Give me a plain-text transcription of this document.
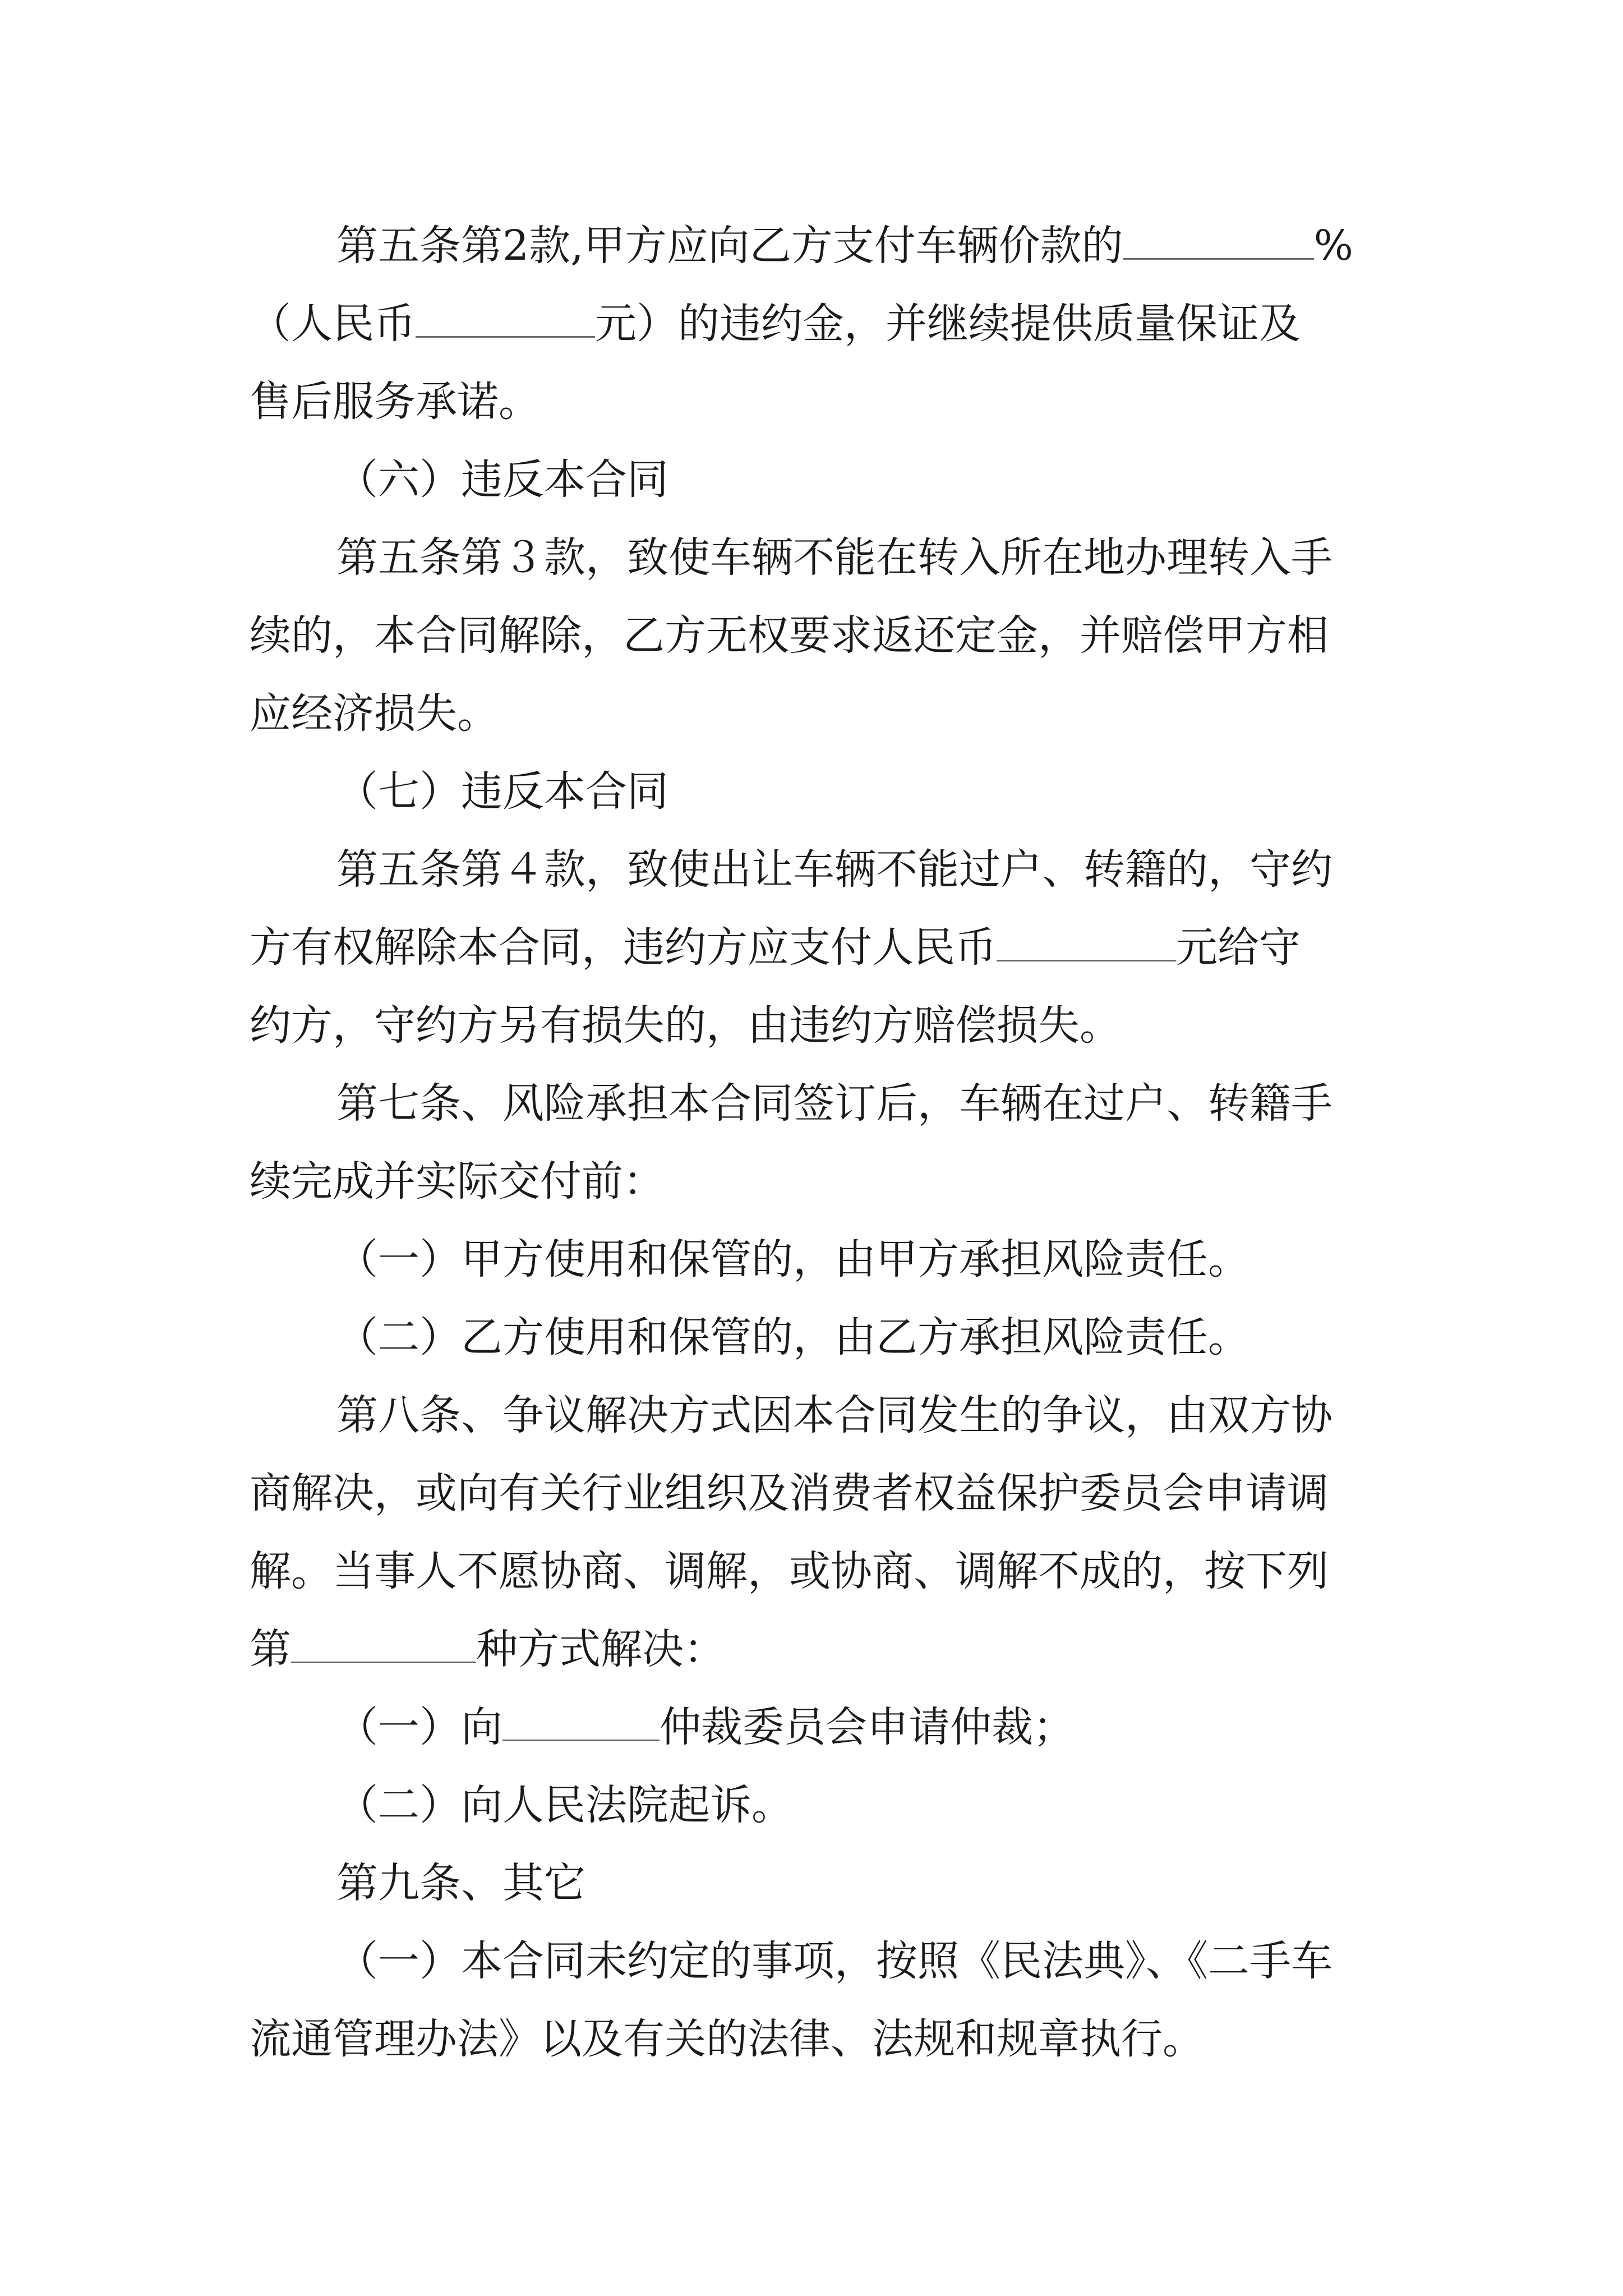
第五条第2款,甲方应向乙方支付车辆价款的	%
（人民币	元）的违约金，并继续提供质量保证及
售后服务承诺。
（六）违反本合同
第五条第３款，致使车辆不能在转入所在地办理转入手
续的，本合同解除，乙方无权要求返还定金，并赔偿甲方相
应经济损失。
（七）违反本合同
第五条第４款，致使出让车辆不能过户、转籍的，守约
方有权解除本合同，违约方应支付人民币	元给守
约方，守约方另有损失的，由违约方赔偿损失。
第七条、风险承担本合同签订后，车辆在过户、转籍手
续完成并实际交付前：
（一）甲方使用和保管的，由甲方承担风险责任。
（二）乙方使用和保管的，由乙方承担风险责任。
第八条、争议解决方式因本合同发生的争议，由双方协
商解决，或向有关行业组织及消费者权益保护委员会申请调
解。当事人不愿协商、调解，或协商、调解不成的，按下列
第	种方式解决：
（一）向	仲裁委员会申请仲裁；
（二）向人民法院起诉。
第九条、其它
（一）本合同未约定的事项，按照《民法典》、《二手车
流通管理办法》以及有关的法律、法规和规章执行。
